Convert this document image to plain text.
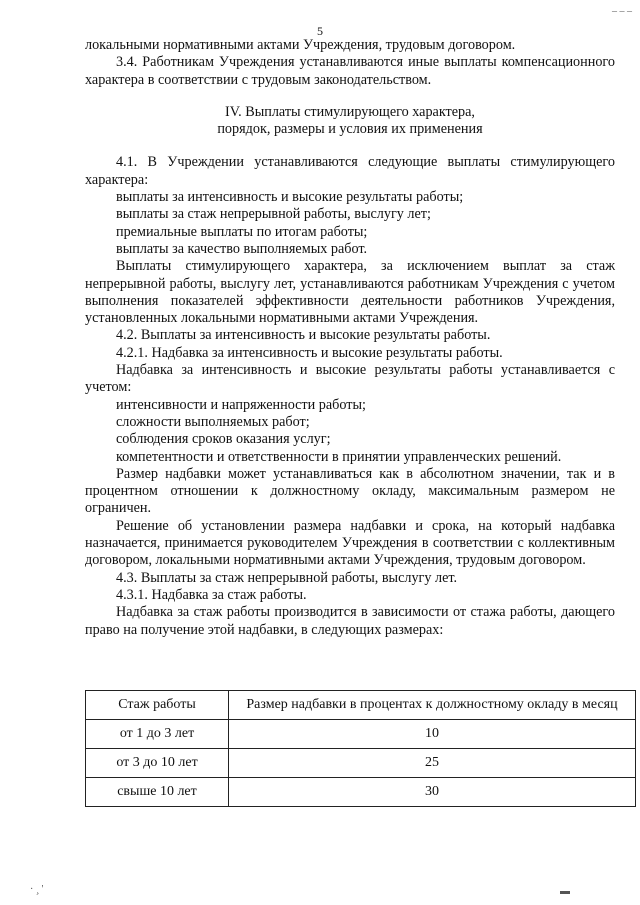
5

локальными нормативными актами Учреждения, трудовым договором.

3.4. Работникам Учреждения устанавливаются иные выплаты компенсационного характера в соответствии с трудовым законодательством.

IV. Выплаты стимулирующего характера,
порядок, размеры и условия их применения

4.1. В Учреждении устанавливаются следующие выплаты стимулирующего характера:

выплаты за интенсивность и высокие результаты работы;

выплаты за стаж непрерывной работы, выслугу лет;

премиальные выплаты по итогам работы;

выплаты за качество выполняемых работ.

Выплаты стимулирующего характера, за исключением выплат за стаж непрерывной работы, выслугу лет, устанавливаются работникам Учреждения с учетом выполнения показателей эффективности деятельности работников Учреждения, установленных локальными нормативными актами Учреждения.

4.2. Выплаты за интенсивность и высокие результаты работы.

4.2.1. Надбавка за интенсивность и высокие результаты работы.

Надбавка за интенсивность и высокие результаты работы устанавливается с учетом:

интенсивности и напряженности работы;

сложности выполняемых работ;

соблюдения сроков оказания услуг;

компетентности и ответственности в принятии управленческих решений.

Размер надбавки может устанавливаться как в абсолютном значении, так и в процентном отношении к должностному окладу, максимальным размером не ограничен.

Решение об установлении размера надбавки и срока, на который надбавка назначается, принимается руководителем Учреждения в соответствии с коллективным договором, локальными нормативными актами Учреждения, трудовым договором.

4.3. Выплаты за стаж непрерывной работы, выслугу лет.

4.3.1. Надбавка за стаж работы.

Надбавка за стаж работы производится в зависимости от стажа работы, дающего право на получение этой надбавки, в следующих размерах:

Стаж работы	Размер надбавки в процентах к должностному окладу в месяц
от 1 до 3 лет	10
от 3 до 10 лет	25
свыше 10 лет	30
– – –
· ¸ '	▬
